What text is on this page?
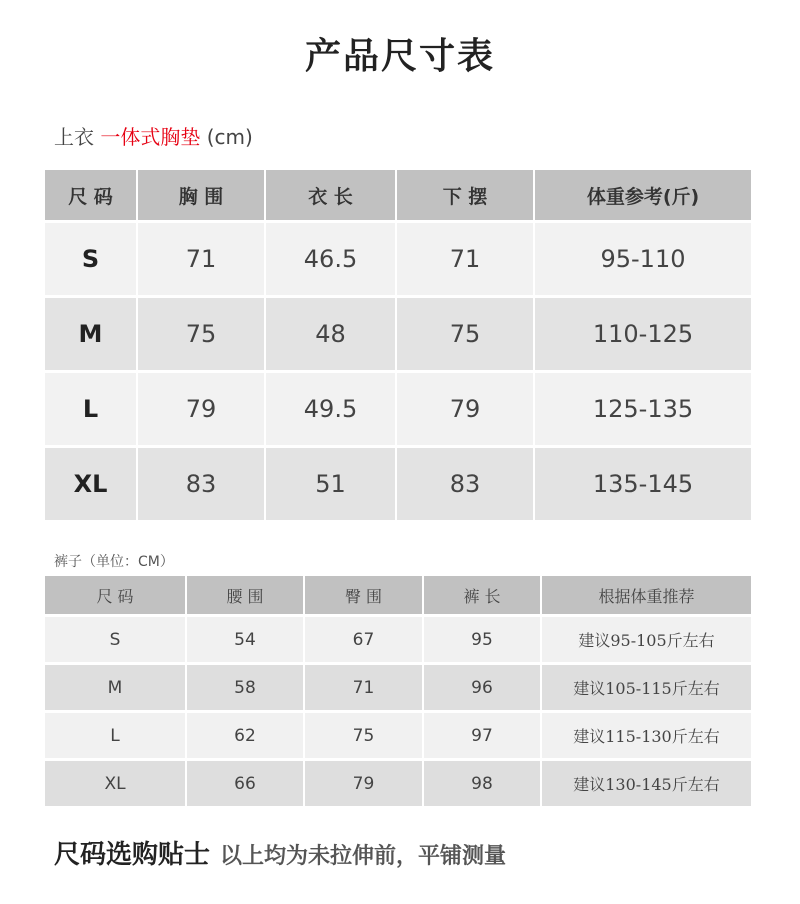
产品尺寸表
上衣 一体式胸垫 (cm)
尺 码	胸 围	衣 长	下 摆	体重参考(斤)
S	71	46.5	71	95-110
M	75	48	75	110-125
L	79	49.5	79	125-135
XL	83	51	83	135-145
裤子（单位：CM）
尺 码	腰 围	臀 围	裤 长	根据体重推荐
S	54	67	95	建议95-105斤左右
M	58	71	96	建议105-115斤左右
L	62	75	97	建议115-130斤左右
XL	66	79	98	建议130-145斤左右
尺码选购贴士 以上均为未拉伸前，平铺测量
